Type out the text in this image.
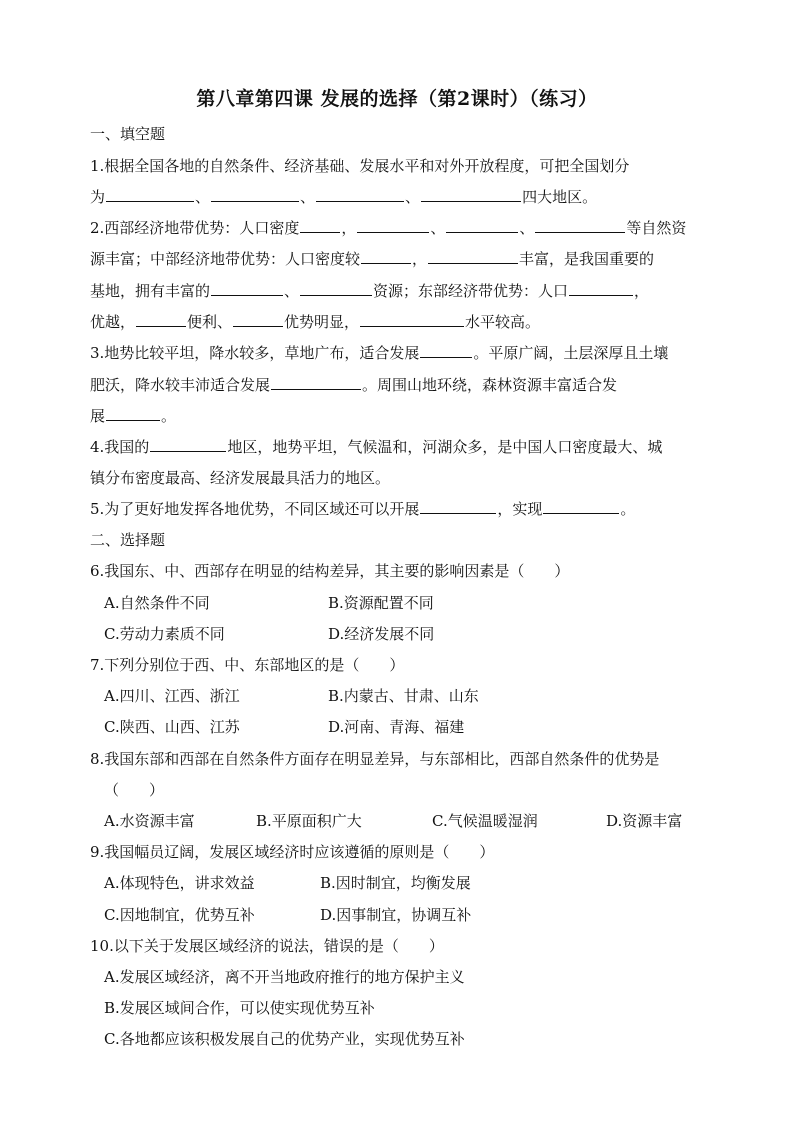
第八章第四课 发展的选择（第2课时）（练习）
一、填空题
1.根据全国各地的自然条件、经济基础、发展水平和对外开放程度，可把全国划分
为	、	、	、	四大地区。
2.西部经济地带优势：人口密度	，	、	、	等自然资
源丰富；中部经济地带优势：人口密度较	，	丰富，是我国重要的
基地，拥有丰富的	、	资源；东部经济带优势：人口	，
优越，	便利、	优势明显，	水平较高。
3.地势比较平坦，降水较多，草地广布，适合发展	。平原广阔，土层深厚且土壤
肥沃，降水较丰沛适合发展	。周围山地环绕，森林资源丰富适合发
展	。
4.我国的	地区，地势平坦，气候温和，河湖众多，是中国人口密度最大、城
镇分布密度最高、经济发展最具活力的地区。
5.为了更好地发挥各地优势，不同区域还可以开展	，实现	。
二、选择题
6.我国东、中、西部存在明显的结构差异，其主要的影响因素是（　　）
A.自然条件不同	B.资源配置不同
C.劳动力素质不同	D.经济发展不同
7.下列分别位于西、中、东部地区的是（　　）
A.四川、江西、浙江	B.内蒙古、甘肃、山东
C.陕西、山西、江苏	D.河南、青海、福建
8.我国东部和西部在自然条件方面存在明显差异，与东部相比，西部自然条件的优势是
（　　）
A.水资源丰富	B.平原面积广大	C.气候温暖湿润	D.资源丰富
9.我国幅员辽阔，发展区域经济时应该遵循的原则是（　　）
A.体现特色，讲求效益	B.因时制宜，均衡发展
C.因地制宜，优势互补	D.因事制宜，协调互补
10.以下关于发展区域经济的说法，错误的是（　　）
A.发展区域经济，离不开当地政府推行的地方保护主义
B.发展区域间合作，可以使实现优势互补
C.各地都应该积极发展自己的优势产业，实现优势互补
